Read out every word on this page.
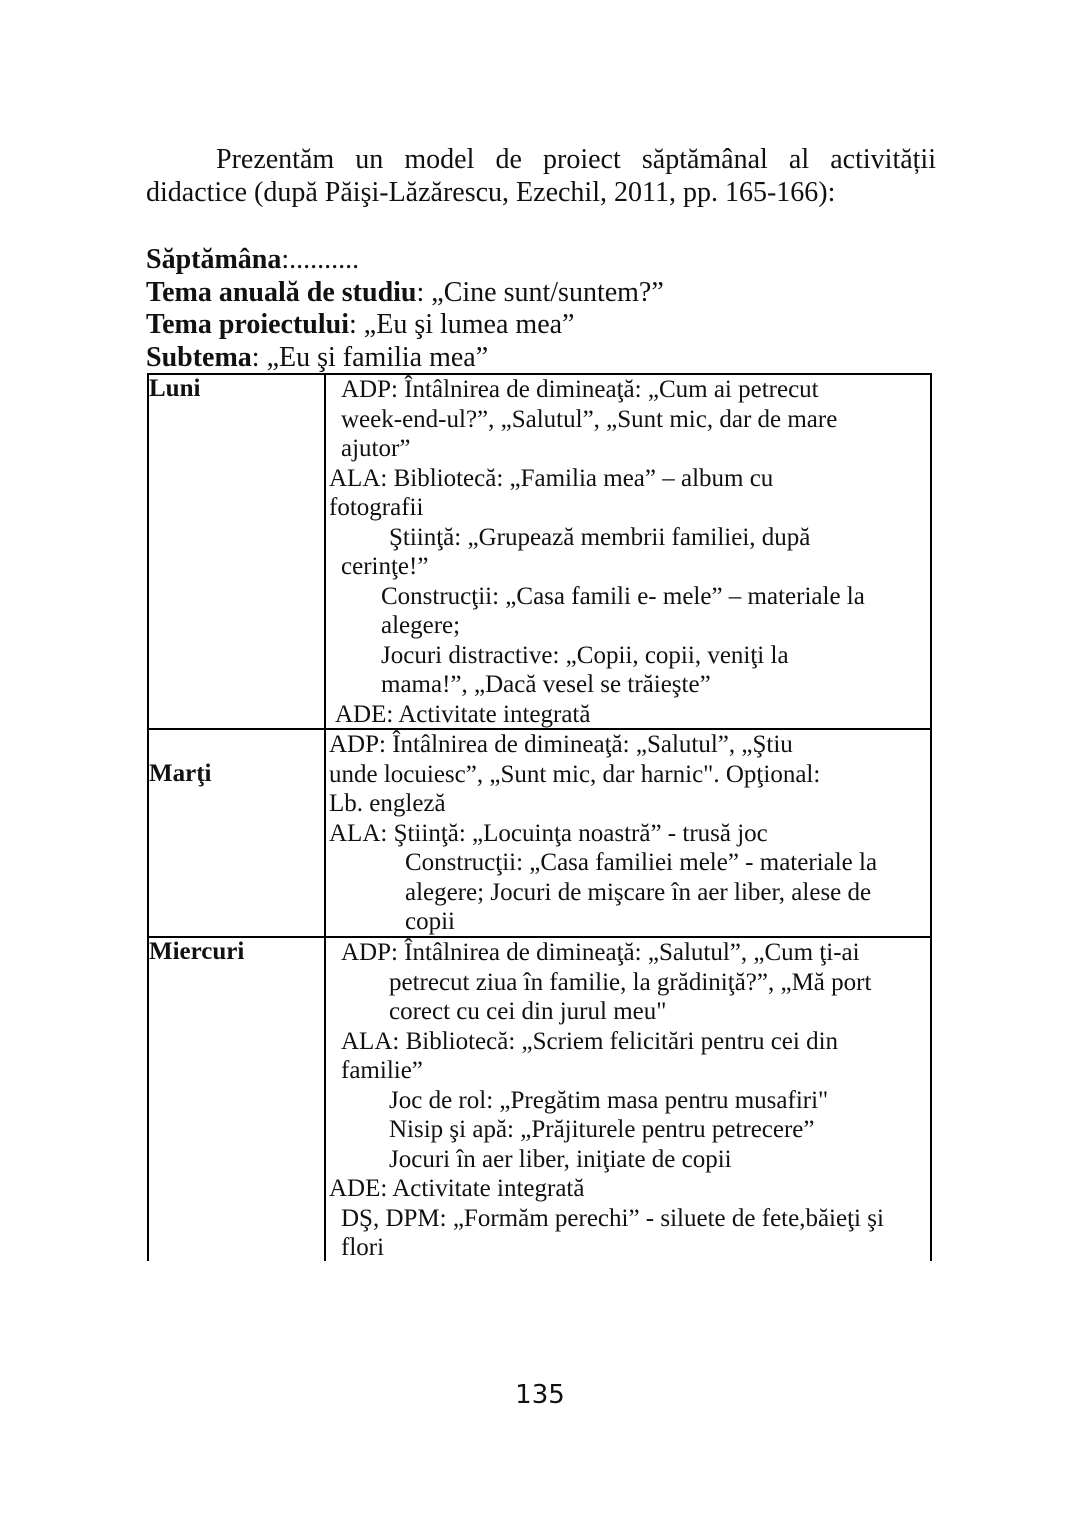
Prezentăm un model de proiect săptămânal al activității
didactice (după Păişi-Lăzărescu, Ezechil, 2011, pp. 165-166):
Săptămâna:..........
Tema anuală de studiu: „Cine sunt/suntem?”
Tema proiectului: „Eu şi lumea mea”
Subtema: „Eu şi familia mea”
Luni	ADP: Întâlnirea de dimineaţă: „Cum ai petrecut
week-end-ul?”, „Salutul”, „Sunt mic, dar de mare
ajutor”
ALA: Bibliotecă: „Familia mea” – album cu
fotografii
Ştiinţă: „Grupează membrii familiei, după
cerinţe!”
Construcţii: „Casa famili e- mele” – materiale la
alegere;
Jocuri distractive: „Copii, copii, veniţi la
mama!”, „Dacă vesel se trăieşte”
ADE: Activitate integrată
Marţi
ADP: Întâlnirea de dimineaţă: „Salutul”, „Ştiu
unde locuiesc”, „Sunt mic, dar harnic". Opţional:
Lb. engleză
ALA: Ştiinţă: „Locuinţa noastră” - trusă joc
Construcţii: „Casa familiei mele” - materiale la
alegere; Jocuri de mişcare în aer liber, alese de
copii
Miercuri	ADP: Întâlnirea de dimineaţă: „Salutul”, „Cum ţi-ai
petrecut ziua în familie, la grădiniţă?”, „Mă port
corect cu cei din jurul meu"
ALA: Bibliotecă: „Scriem felicitări pentru cei din
familie”
Joc de rol: „Pregătim masa pentru musafiri"
Nisip şi apă: „Prăjiturele pentru petrecere”
Jocuri în aer liber, iniţiate de copii
ADE: Activitate integrată
DŞ, DPM: „Formăm perechi” - siluete de fete,băieţi şi
flori
135
